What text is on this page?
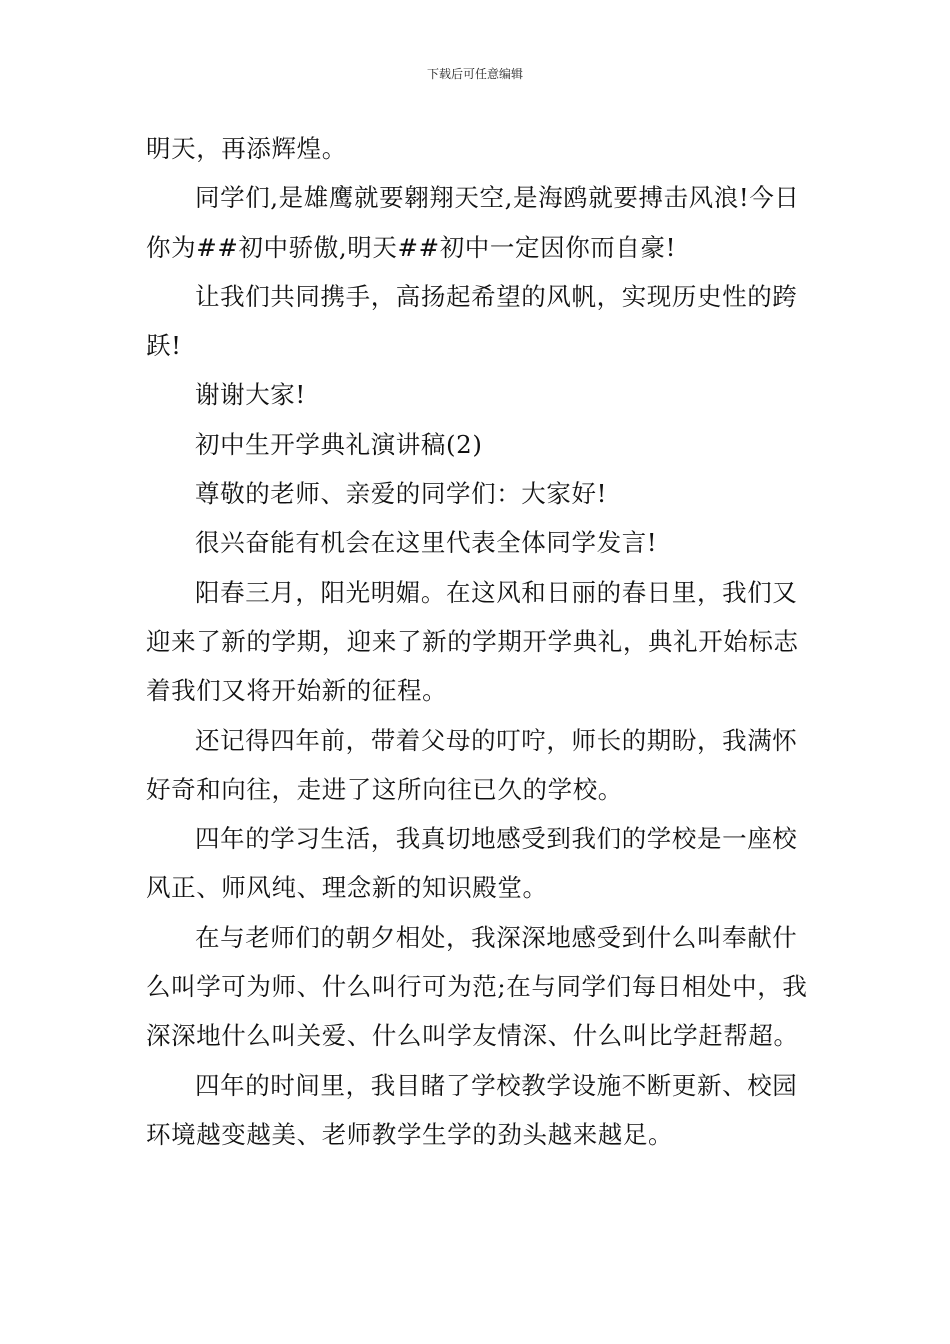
下载后可任意编辑

明天，再添辉煌。

同学们,是雄鹰就要翱翔天空,是海鸥就要搏击风浪!今日你为##初中骄傲,明天##初中一定因你而自豪!

让我们共同携手，高扬起希望的风帆，实现历史性的跨跃!

谢谢大家!

初中生开学典礼演讲稿(2)

尊敬的老师、亲爱的同学们：大家好!

很兴奋能有机会在这里代表全体同学发言!

阳春三月，阳光明媚。在这风和日丽的春日里，我们又迎来了新的学期，迎来了新的学期开学典礼，典礼开始标志着我们又将开始新的征程。

还记得四年前，带着父母的叮咛，师长的期盼，我满怀好奇和向往，走进了这所向往已久的学校。

四年的学习生活，我真切地感受到我们的学校是一座校风正、师风纯、理念新的知识殿堂。

在与老师们的朝夕相处，我深深地感受到什么叫奉献什么叫学可为师、什么叫行可为范;在与同学们每日相处中，我深深地什么叫关爱、什么叫学友情深、什么叫比学赶帮超。

四年的时间里，我目睹了学校教学设施不断更新、校园环境越变越美、老师教学生学的劲头越来越足。
